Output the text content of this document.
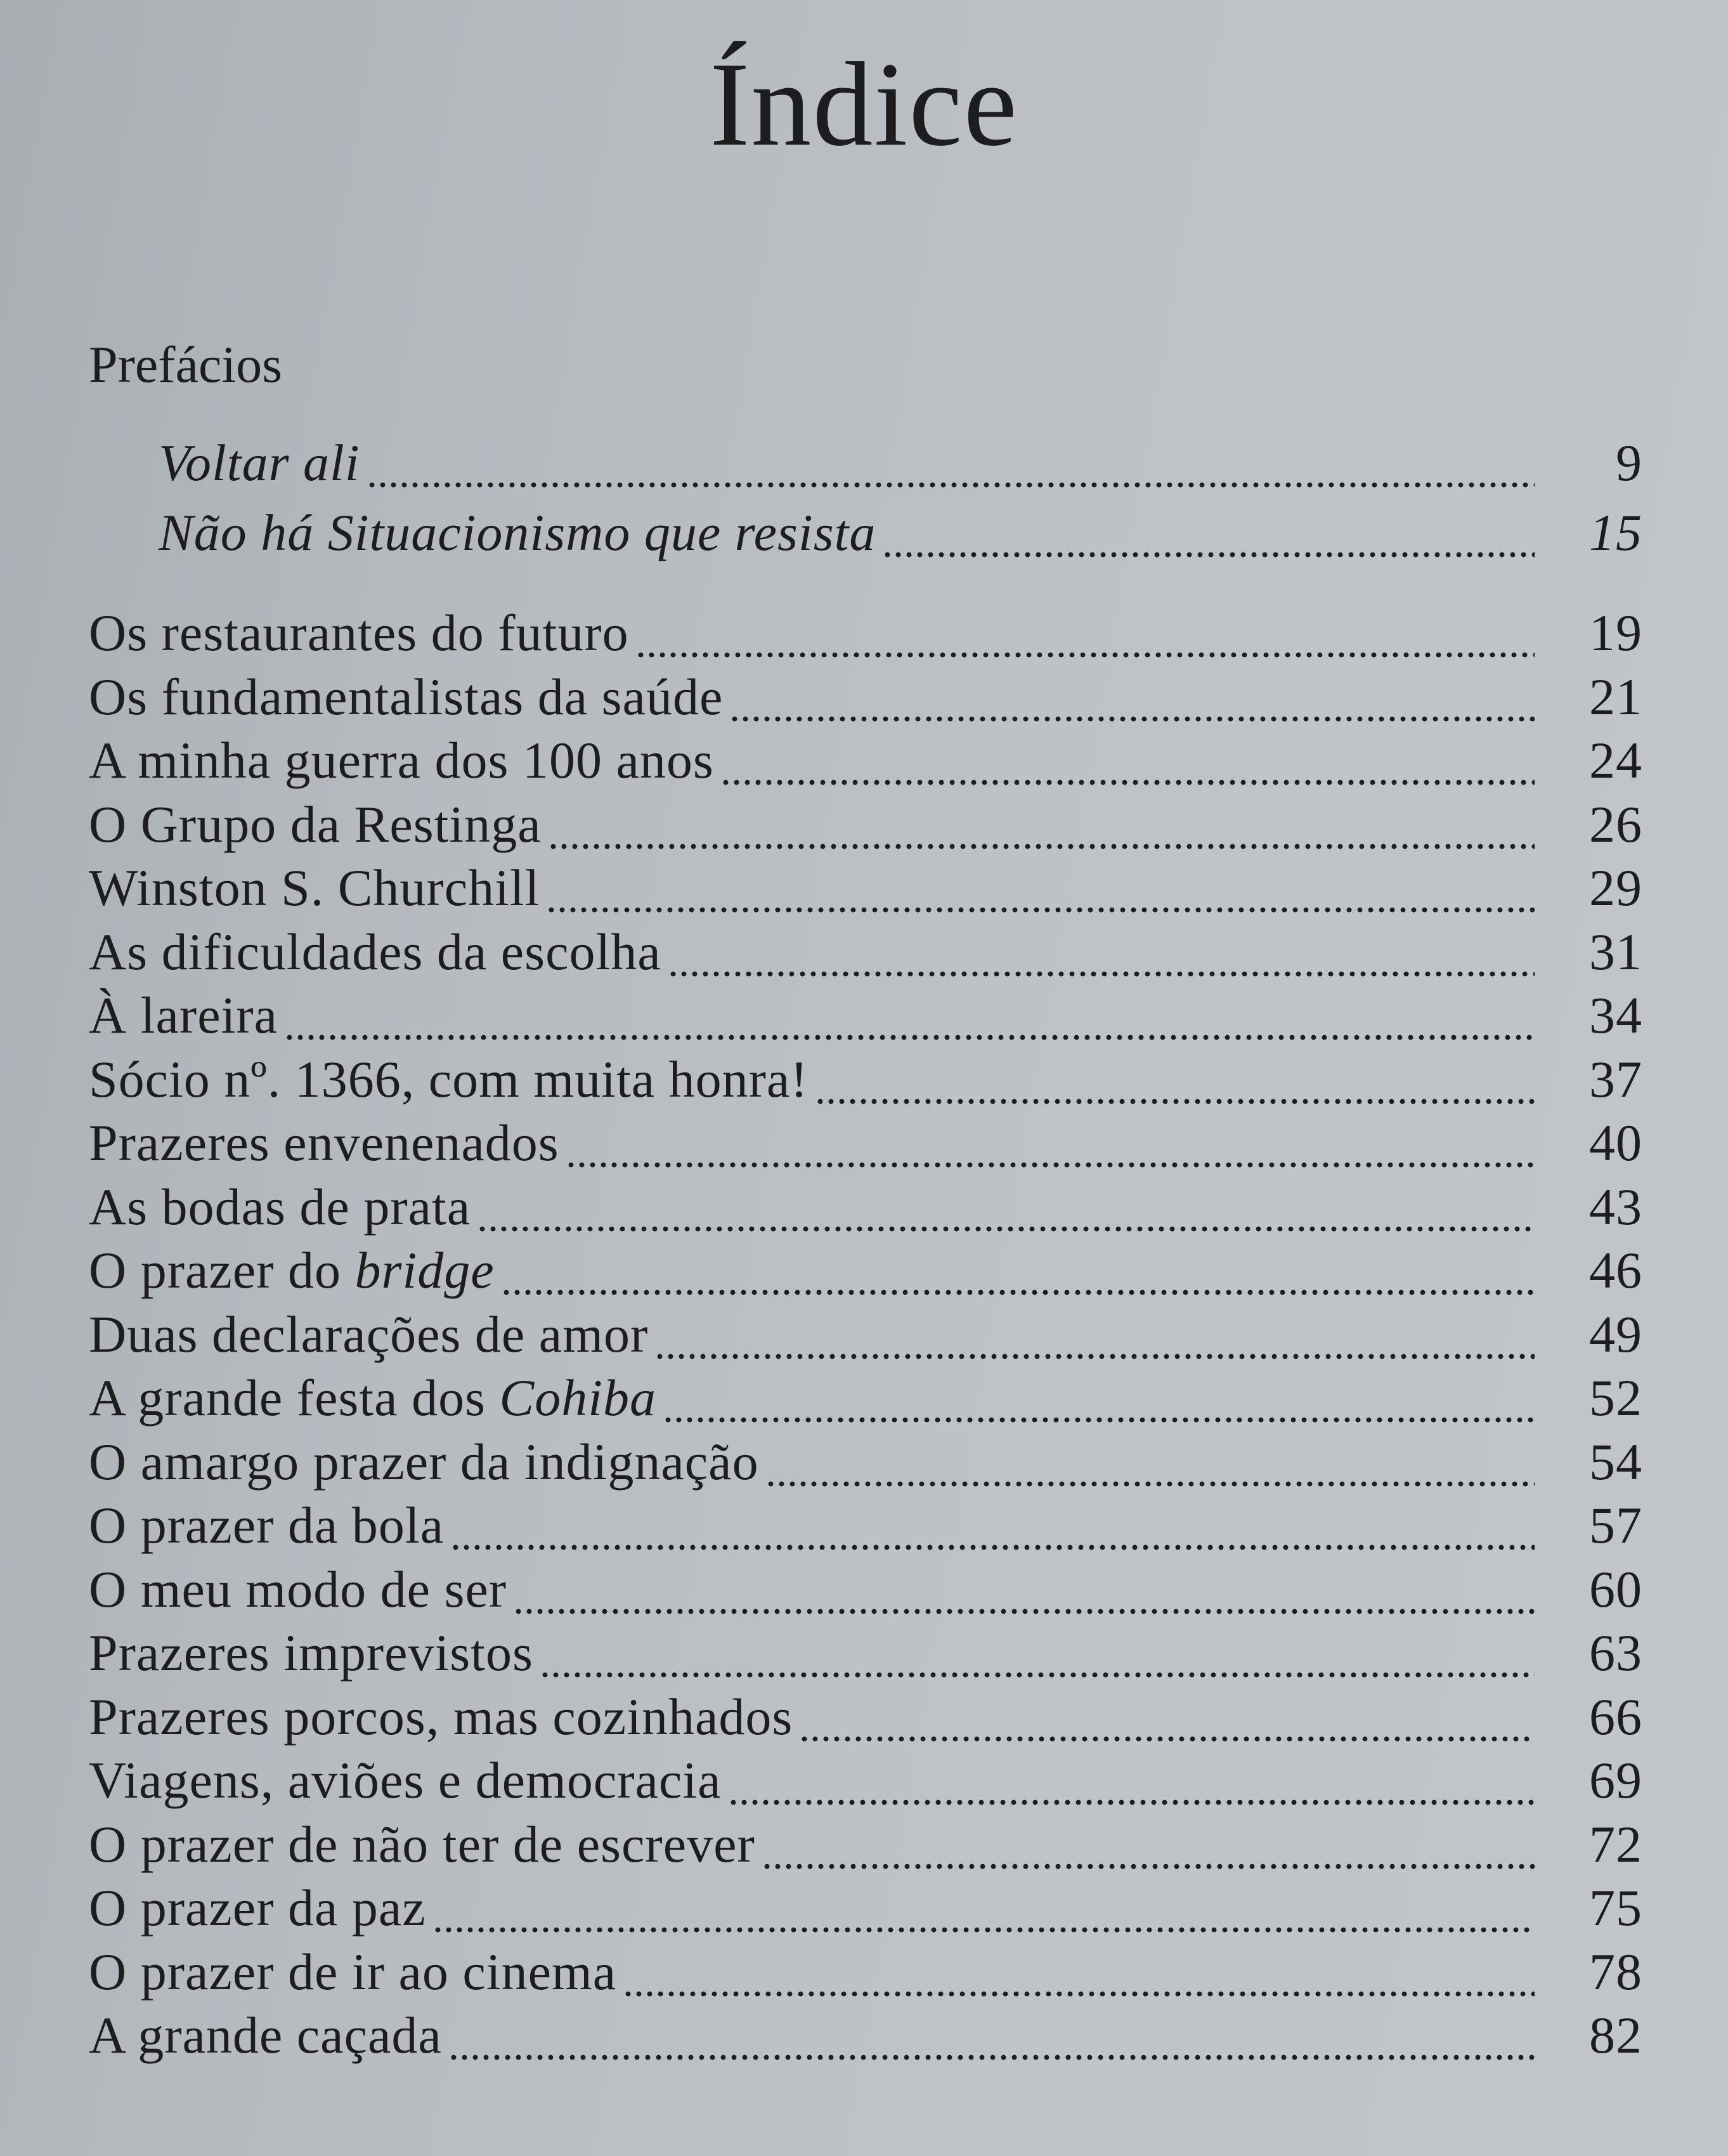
Índice
Prefácios
Voltar ali	9
Não há Situacionismo que resista	15
Os restaurantes do futuro	19
Os fundamentalistas da saúde	21
A minha guerra dos 100 anos	24
O Grupo da Restinga	26
Winston S. Churchill	29
As dificuldades da escolha	31
À lareira	34
Sócio nº. 1366, com muita honra!	37
Prazeres envenenados	40
As bodas de prata	43
O prazer do bridge	46
Duas declarações de amor	49
A grande festa dos Cohiba	52
O amargo prazer da indignação	54
O prazer da bola	57
O meu modo de ser	60
Prazeres imprevistos	63
Prazeres porcos, mas cozinhados	66
Viagens, aviões e democracia	69
O prazer de não ter de escrever	72
O prazer da paz	75
O prazer de ir ao cinema	78
A grande caçada	82
